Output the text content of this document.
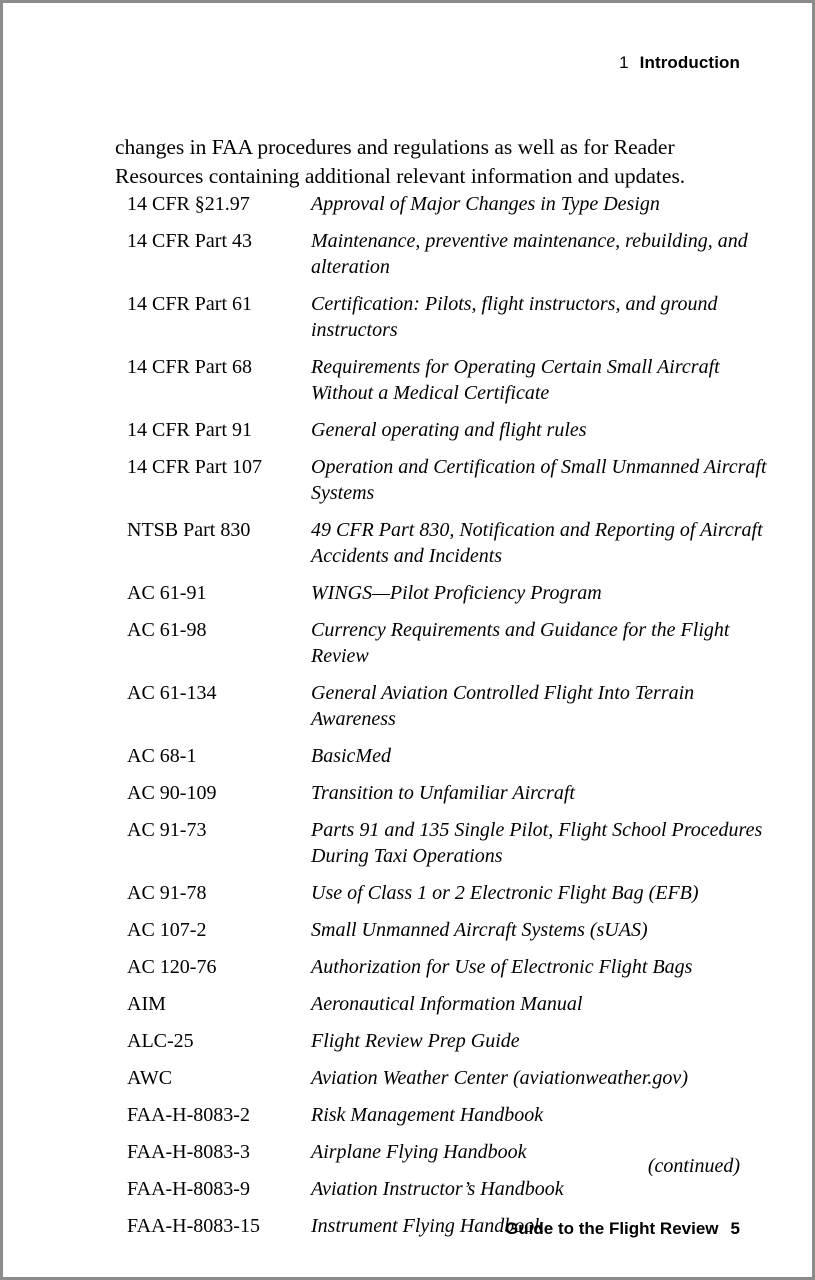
1 Introduction

changes in FAA procedures and regulations as well as for Reader Resources containing additional relevant information and updates.

14 CFR §21.97	Approval of Major Changes in Type Design
14 CFR Part 43	Maintenance, preventive maintenance, rebuilding, and alteration
14 CFR Part 61	Certification: Pilots, flight instructors, and ground instructors
14 CFR Part 68	Requirements for Operating Certain Small Aircraft Without a Medical Certificate
14 CFR Part 91	General operating and flight rules
14 CFR Part 107	Operation and Certification of Small Unmanned Aircraft Systems
NTSB Part 830	49 CFR Part 830, Notification and Reporting of Aircraft Accidents and Incidents
AC 61-91	WINGS—Pilot Proficiency Program
AC 61-98	Currency Requirements and Guidance for the Flight Review
AC 61-134	General Aviation Controlled Flight Into Terrain Awareness
AC 68-1	BasicMed
AC 90-109	Transition to Unfamiliar Aircraft
AC 91-73	Parts 91 and 135 Single Pilot, Flight School Procedures During Taxi Operations
AC 91-78	Use of Class 1 or 2 Electronic Flight Bag (EFB)
AC 107-2	Small Unmanned Aircraft Systems (sUAS)
AC 120-76	Authorization for Use of Electronic Flight Bags
AIM	Aeronautical Information Manual
ALC-25	Flight Review Prep Guide
AWC	Aviation Weather Center (aviationweather.gov)
FAA-H-8083-2	Risk Management Handbook
FAA-H-8083-3	Airplane Flying Handbook
FAA-H-8083-9	Aviation Instructor’s Handbook
FAA-H-8083-15	Instrument Flying Handbook
(continued)
Guide to the Flight Review 5
